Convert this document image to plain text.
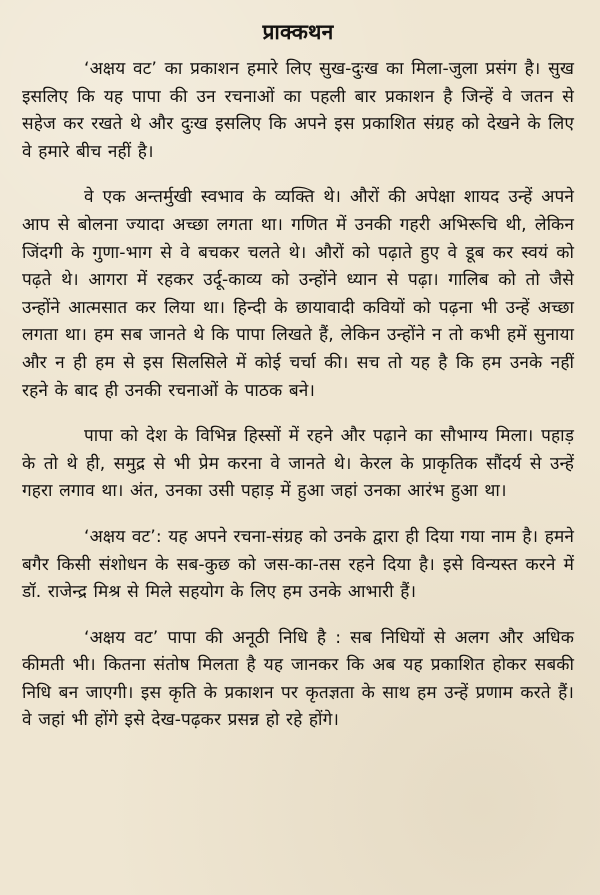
प्राक्कथन
‘अक्षय वट’ का प्रकाशन हमारे लिए सुख-दुःख का मिला-जुला प्रसंग है। सुख इसलिए कि यह पापा की उन रचनाओं का पहली बार प्रकाशन है जिन्हें वे जतन से सहेज कर रखते थे और दुःख इसलिए कि अपने इस प्रकाशित संग्रह को देखने के लिए वे हमारे बीच नहीं है।
वे एक अन्तर्मुखी स्वभाव के व्यक्ति थे। औरों की अपेक्षा शायद उन्हें अपने आप से बोलना ज्यादा अच्छा लगता था। गणित में उनकी गहरी अभिरूचि थी, लेकिन जिंदगी के गुणा-भाग से वे बचकर चलते थे। औरों को पढ़ाते हुए वे डूब कर स्वयं को पढ़ते थे। आगरा में रहकर उर्दू-काव्य को उन्होंने ध्यान से पढ़ा। गालिब को तो जैसे उन्होंने आत्मसात कर लिया था। हिन्दी के छायावादी कवियों को पढ़ना भी उन्हें अच्छा लगता था। हम सब जानते थे कि पापा लिखते हैं, लेकिन उन्होंने न तो कभी हमें सुनाया और न ही हम से इस सिलसिले में कोई चर्चा की। सच तो यह है कि हम उनके नहीं रहने के बाद ही उनकी रचनाओं के पाठक बने।
पापा को देश के विभिन्न हिस्सों में रहने और पढ़ाने का सौभाग्य मिला। पहाड़ के तो थे ही, समुद्र से भी प्रेम करना वे जानते थे। केरल के प्राकृतिक सौंदर्य से उन्हें गहरा लगाव था। अंत, उनका उसी पहाड़ में हुआ जहां उनका आरंभ हुआ था।
‘अक्षय वट’: यह अपने रचना-संग्रह को उनके द्वारा ही दिया गया नाम है। हमने बगैर किसी संशोधन के सब-कुछ को जस-का-तस रहने दिया है। इसे विन्यस्त करने में डॉ. राजेन्द्र मिश्र से मिले सहयोग के लिए हम उनके आभारी हैं।
‘अक्षय वट’ पापा की अनूठी निधि है : सब निधियों से अलग और अधिक कीमती भी। कितना संतोष मिलता है यह जानकर कि अब यह प्रकाशित होकर सबकी निधि बन जाएगी। इस कृति के प्रकाशन पर कृतज्ञता के साथ हम उन्हें प्रणाम करते हैं। वे जहां भी होंगे इसे देख-पढ़कर प्रसन्न हो रहे होंगे।
